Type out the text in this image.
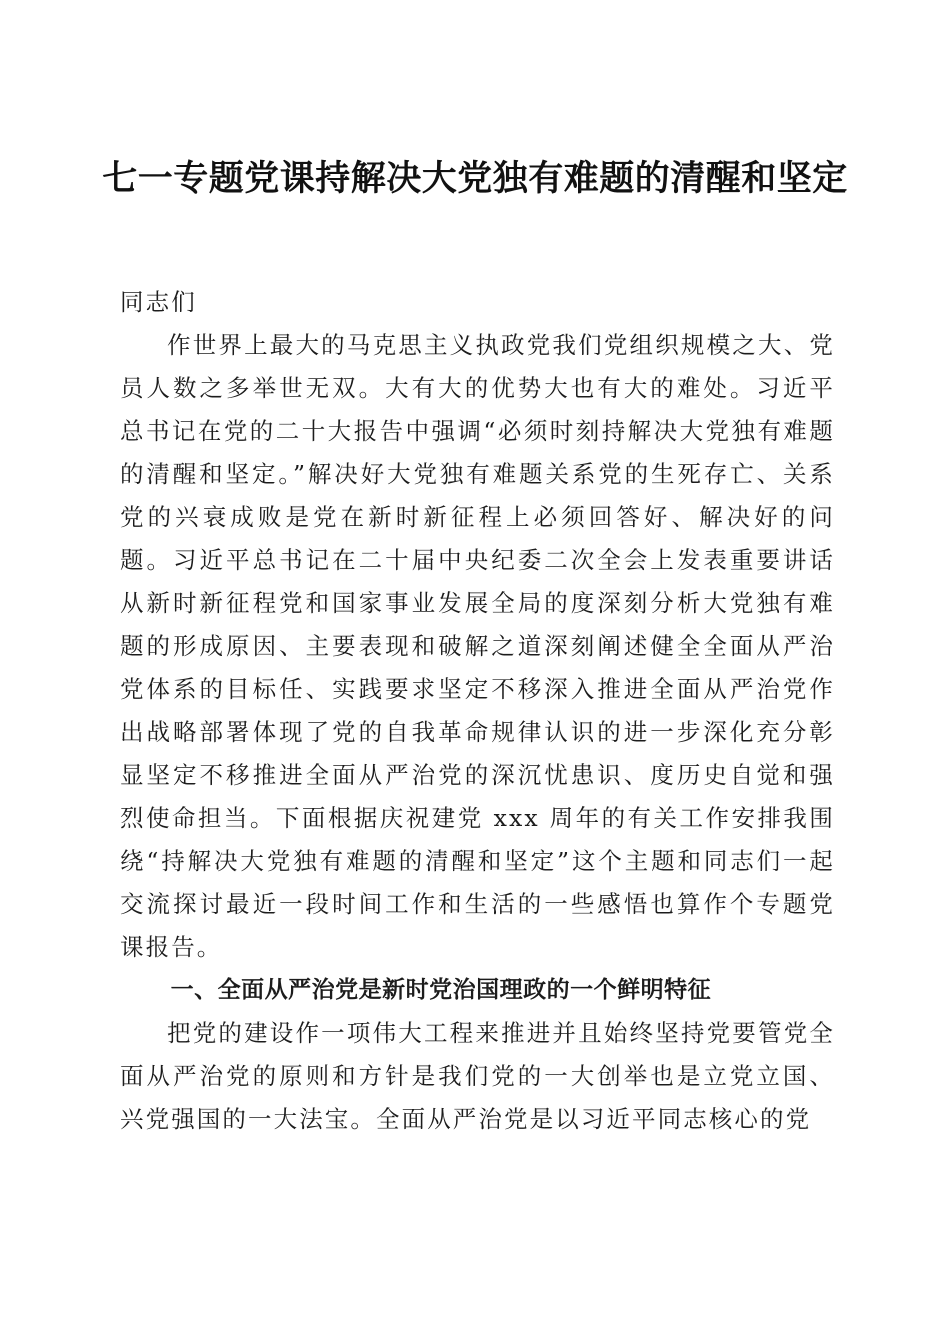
七一专题党课持解决大党独有难题的清醒和坚定

同志们

作世界上最大的马克思主义执政党我们党组织规模之大、党员人数之多举世无双。大有大的优势大也有大的难处。习近平总书记在党的二十大报告中强调“必须时刻持解决大党独有难题的清醒和坚定。”解决好大党独有难题关系党的生死存亡、关系党的兴衰成败是党在新时新征程上必须回答好、解决好的问题。习近平总书记在二十届中央纪委二次全会上发表重要讲话从新时新征程党和国家事业发展全局的度深刻分析大党独有难题的形成原因、主要表现和破解之道深刻阐述健全全面从严治党体系的目标任、实践要求坚定不移深入推进全面从严治党作出战略部署体现了党的自我革命规律认识的进一步深化充分彰显坚定不移推进全面从严治党的深沉忧患识、度历史自觉和强烈使命担当。下面根据庆祝建党 xxx 周年的有关工作安排我围绕“持解决大党独有难题的清醒和坚定”这个主题和同志们一起交流探讨最近一段时间工作和生活的一些感悟也算作个专题党课报告。

一、全面从严治党是新时党治国理政的一个鲜明特征

把党的建设作一项伟大工程来推进并且始终坚持党要管党全面从严治党的原则和方针是我们党的一大创举也是立党立国、兴党强国的一大法宝。全面从严治党是以习近平同志核心的党
